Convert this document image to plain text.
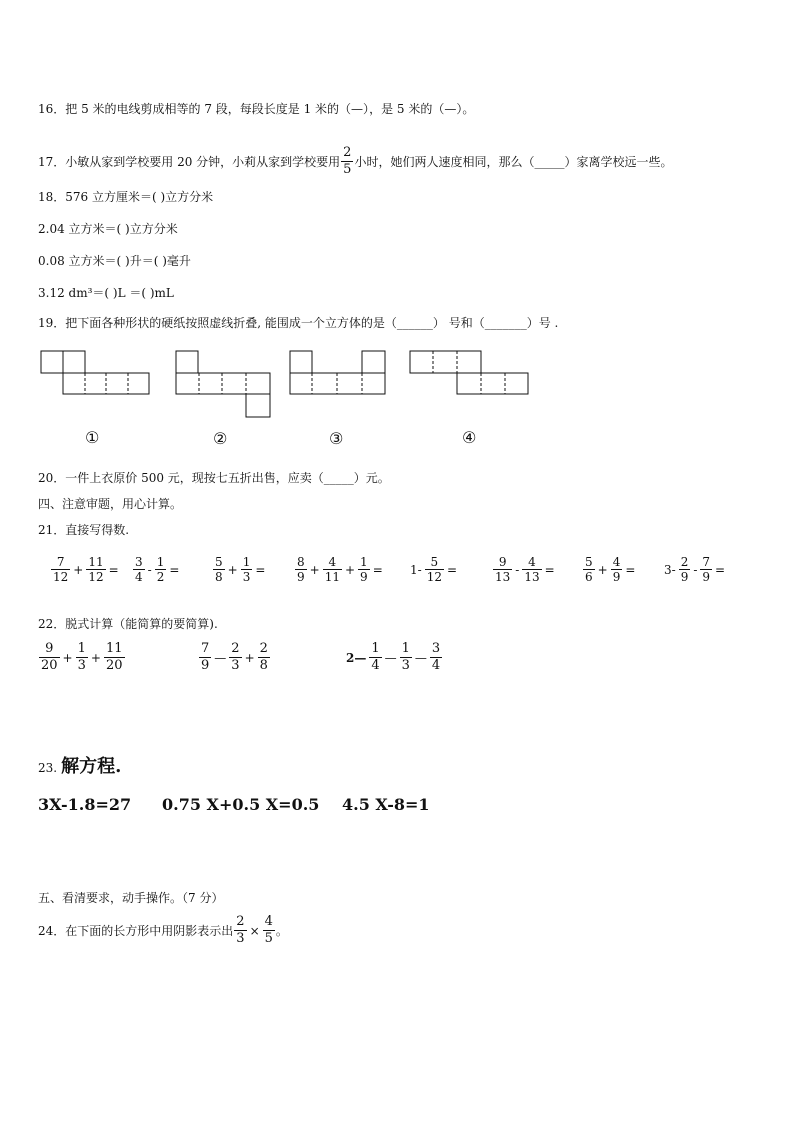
16．把 5 米的电线剪成相等的 7 段，每段长度是 1 米的（—），是 5 米的（—）。
17．小敏从家到学校要用 20 分钟，小莉从家到学校要用 $\frac{2}{5}$ 小时，她们两人速度相同，那么（_____）家离学校远一些。
18．576 立方厘米＝( )立方分米
2.04 立方米＝( )立方分米
0.08 立方米＝( )升＝( )毫升
3.12 dm³＝( )L ＝( )mL
19．把下面各种形状的硬纸按照虚线折叠, 能围成一个立方体的是（______） 号和（_______）号 .
①	②	③	④
20．一件上衣原价 500 元，现按七五折出售，应卖（_____）元。
四、注意审题，用心计算。
21．直接写得数.
$\frac{7}{12} + \frac{11}{12} = \frac{3}{4} - \frac{1}{2}$ =	$\frac{5}{8} + \frac{1}{3} = \frac{8}{9} + \frac{4}{11} + \frac{1}{9} = 1- \frac{5}{12}$ =	$\frac{9}{13} - \frac{4}{13} = \frac{5}{6} + \frac{4}{9} = 3- \frac{2}{9} - \frac{7}{9}$ =
22．脱式计算（能简算的要简算).
$\frac{9}{20} + \frac{1}{3} + \frac{11}{20}$	$\frac{7}{9}$ — $\frac{2}{3} + \frac{2}{8}$	2— $\frac{1}{4}$ — $\frac{1}{3}$ — $\frac{3}{4}$
23. 解方程.
3X-1.8=27 0.75 X+0.5 X=0.5 4.5 X-8=1
五、看清要求，动手操作。（7 分）
24．在下面的长方形中用阴影表示出 $\frac{2}{3} \times \frac{4}{5}$ 。
